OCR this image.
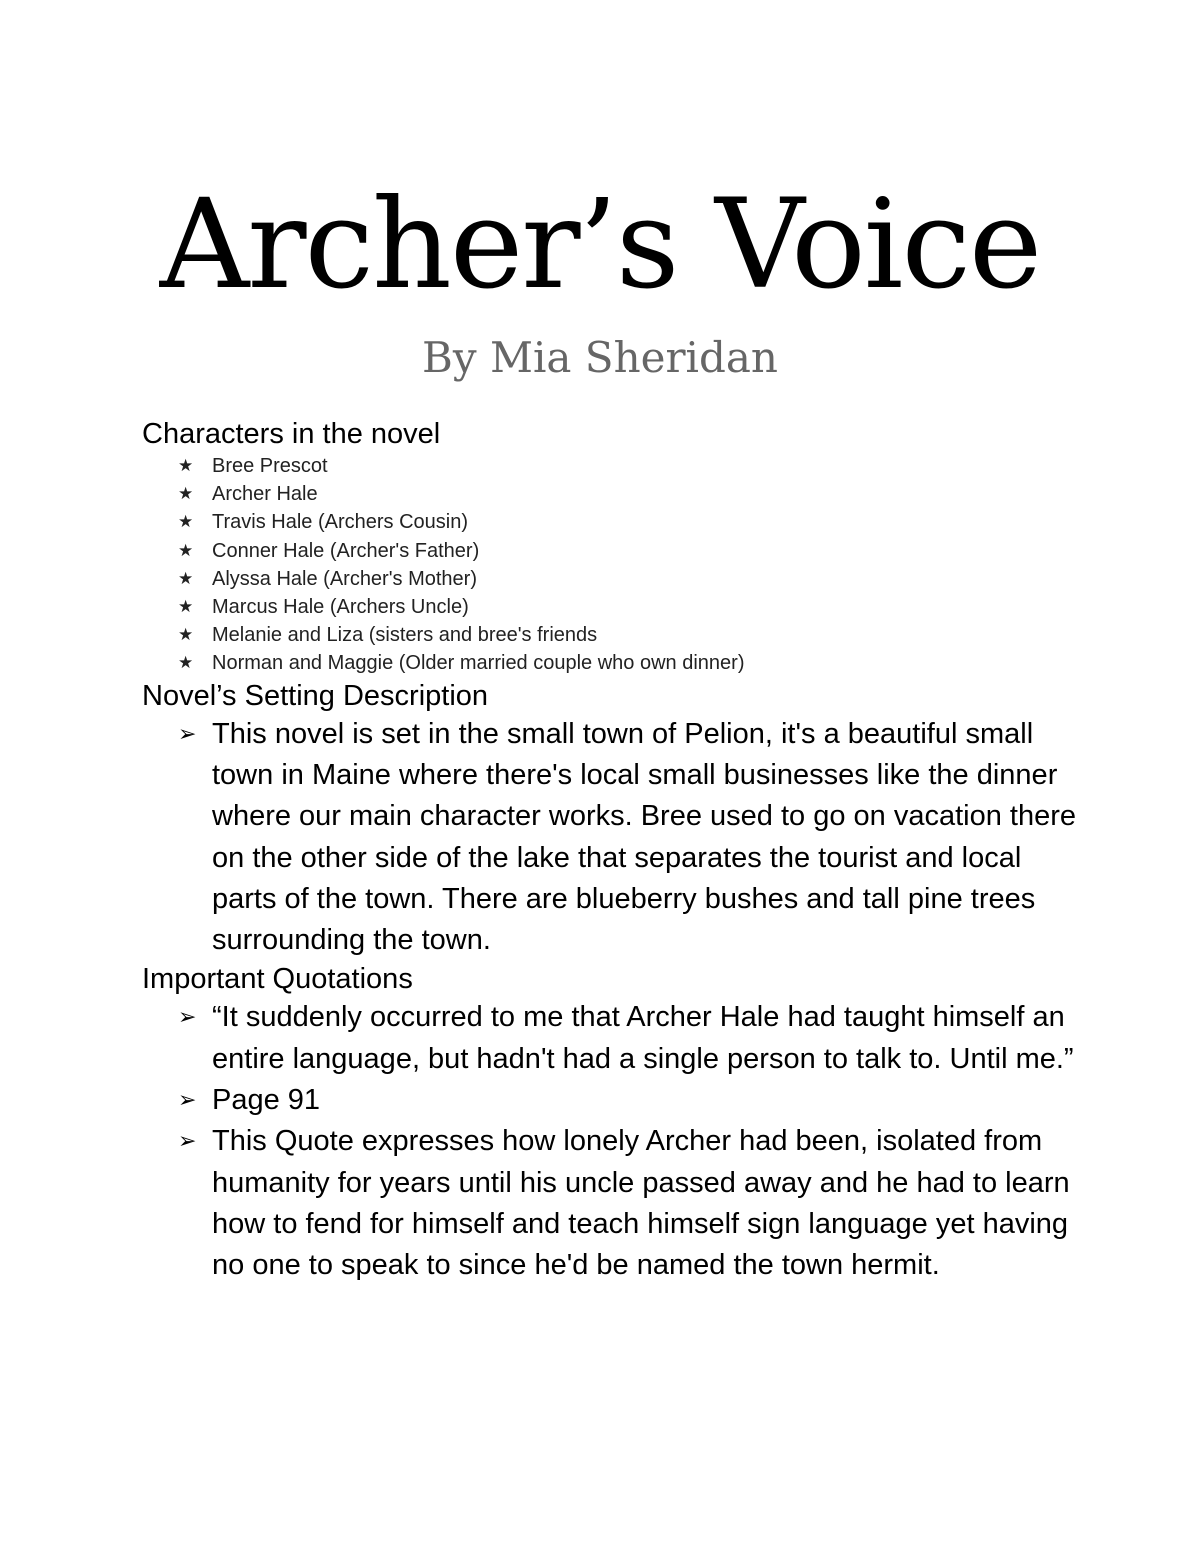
Archer’s Voice
By Mia Sheridan

Characters in the novel

★ Bree Prescot
★ Archer Hale
★ Travis Hale (Archers Cousin)
★ Conner Hale (Archer's Father)
★ Alyssa Hale (Archer's Mother)
★ Marcus Hale (Archers Uncle)
★ Melanie and Liza (sisters and bree's friends
★ Norman and Maggie (Older married couple who own dinner)

Novel’s Setting Description

➢ This novel is set in the small town of Pelion, it's a beautiful small town in Maine where there's local small businesses like the dinner where our main character works. Bree used to go on vacation there on the other side of the lake that separates the tourist and local parts of the town. There are blueberry bushes and tall pine trees surrounding the town.

Important Quotations

➢ “It suddenly occurred to me that Archer Hale had taught himself an entire language, but hadn't had a single person to talk to. Until me.”
➢ Page 91
➢ This Quote expresses how lonely Archer had been, isolated from humanity for years until his uncle passed away and he had to learn how to fend for himself and teach himself sign language yet having no one to speak to since he'd be named the town hermit.
